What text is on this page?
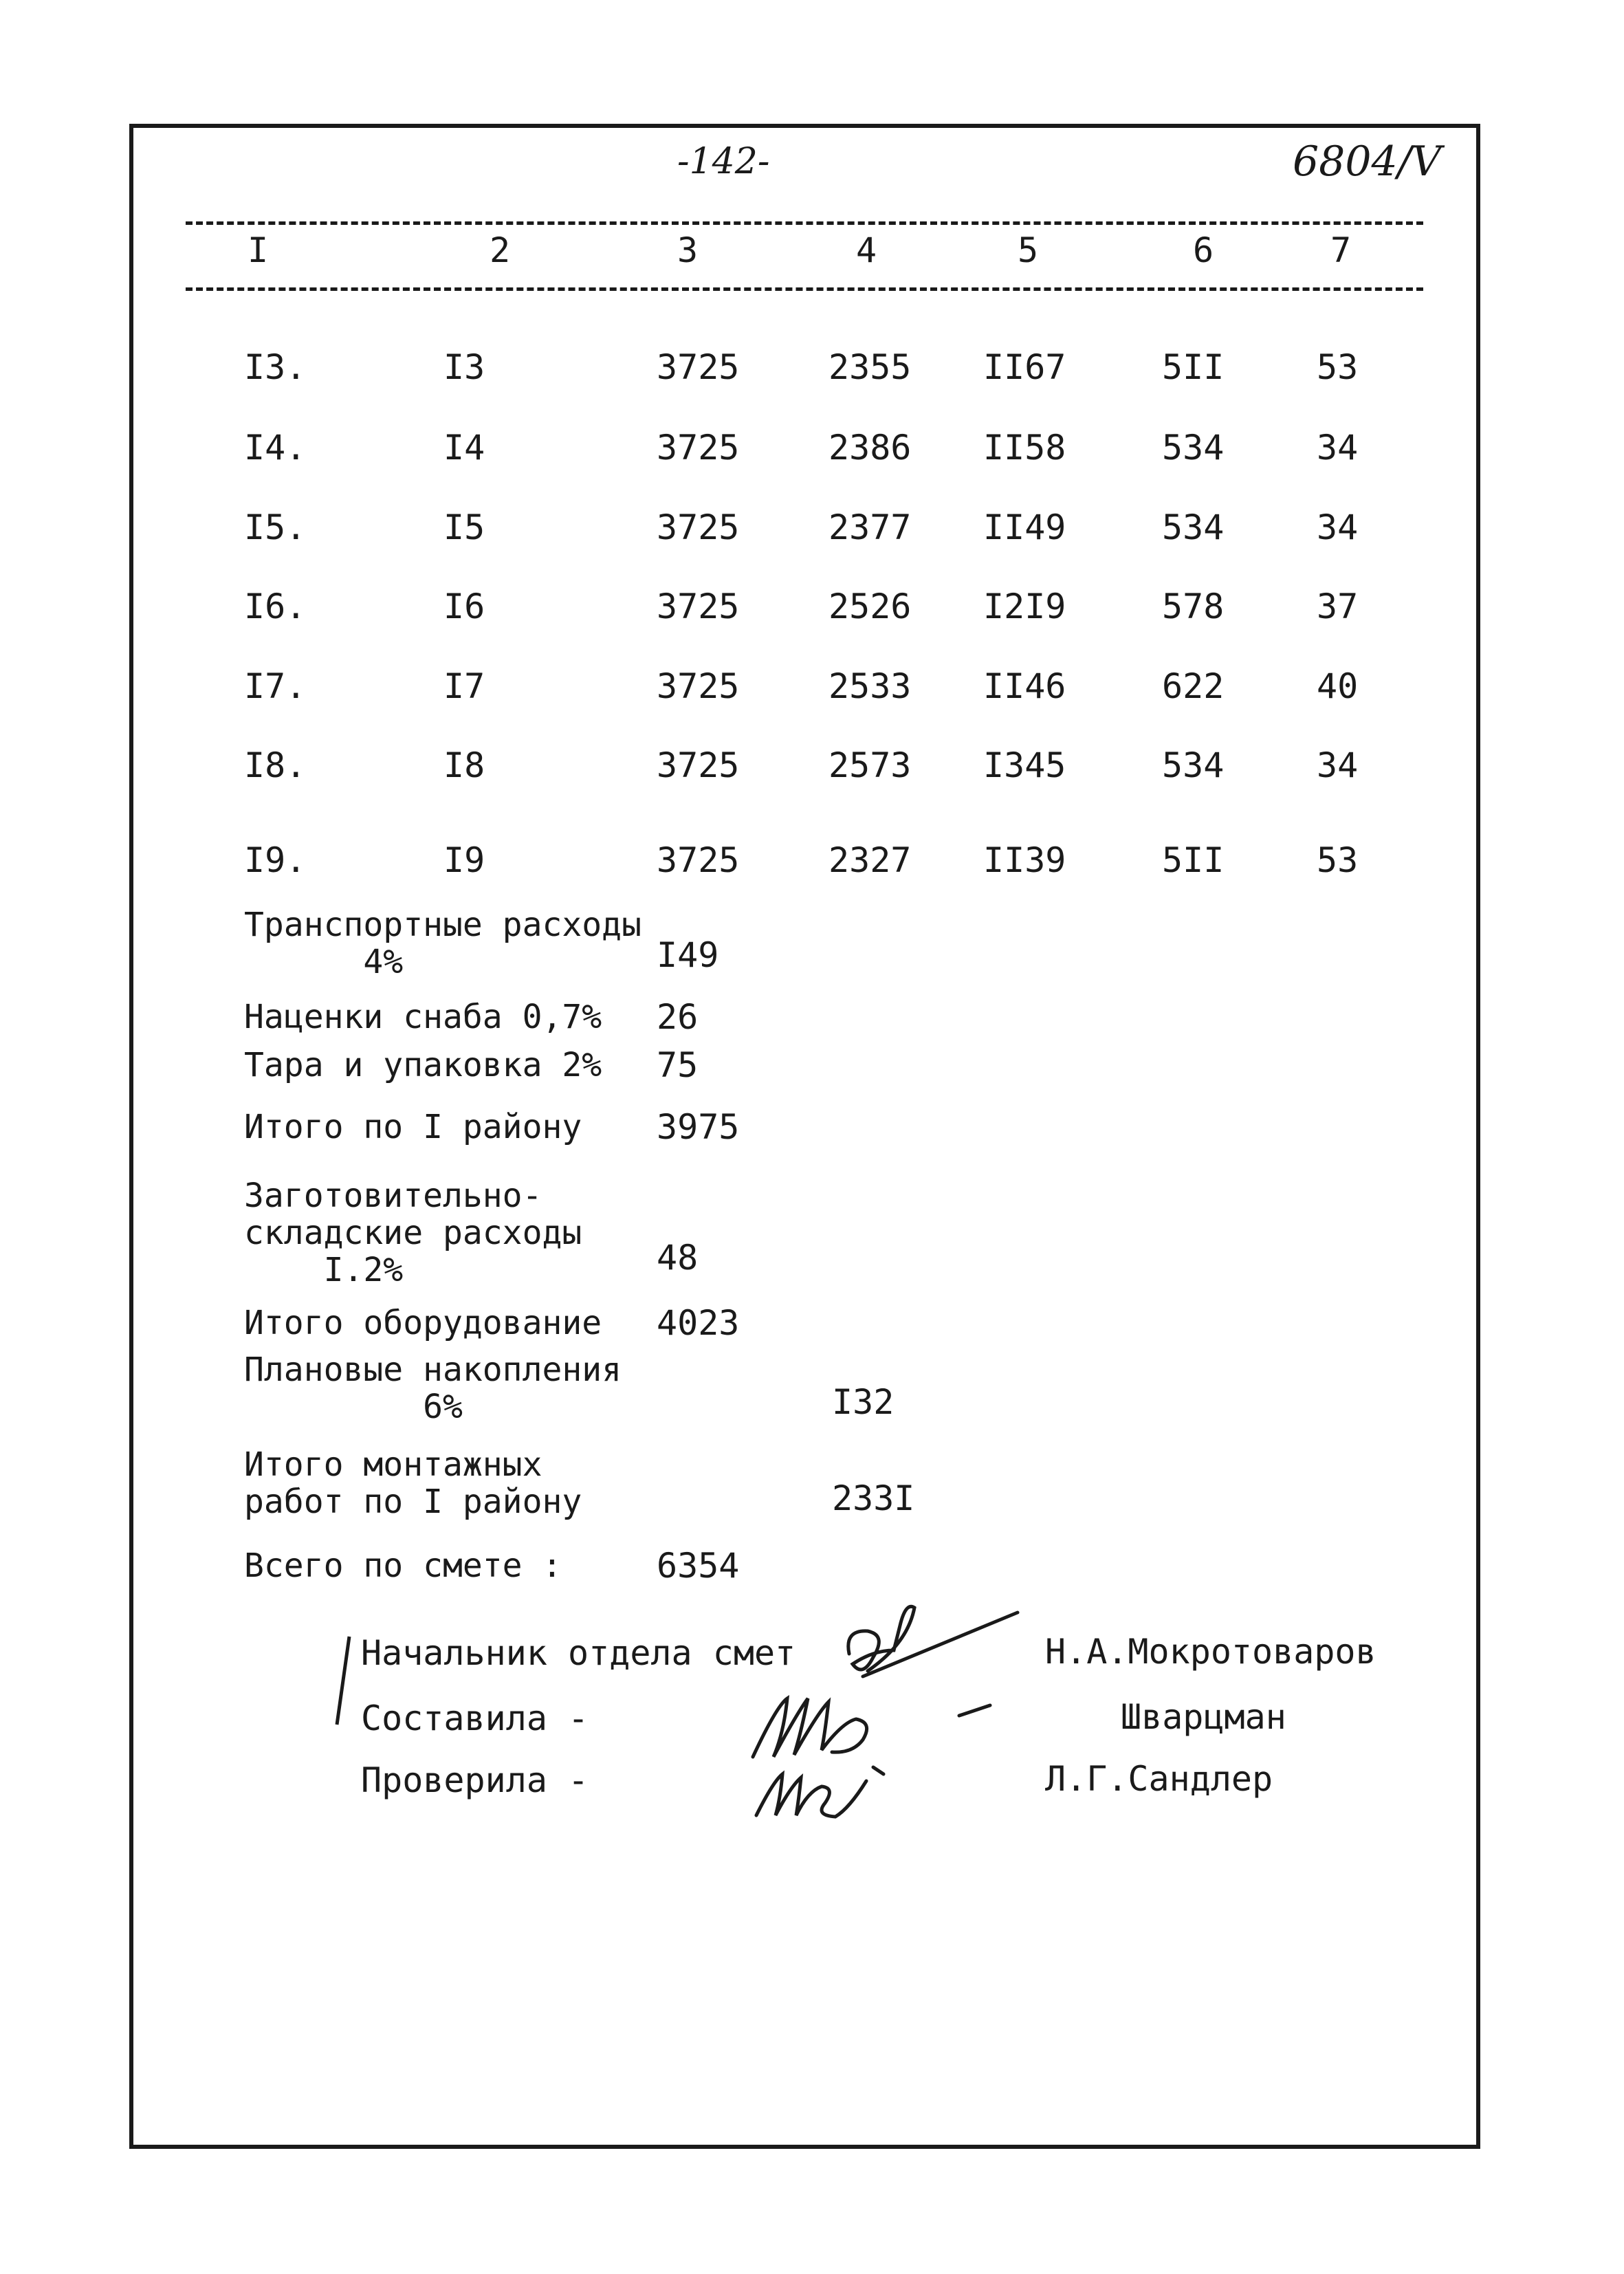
-142-	6804/V
I	2	3	4	5	6	7
I3.	I3	3725	2355 II67	5II	53
I4.	I4	3725	2386 II58	534	34
I5.	I5	3725	2377 II49	534	34
I6.	I6	3725	2526 I2I9	578	37
I7.	I7	3725	2533 II46	622	40
I8.	I8	3725	2573 I345	534	34
I9.	I9	3725	2327 II39	5II	53
Транспортные расходы
4%	I49
Наценки снаба 0,7% 26
Тара и упаковка 2% 75
Итого по I району 3975
Заготовительно-
складские расходы
I.2%	48
Итого оборудование 4023
Плановые накопления
6%	I32
Итого монтажных
работ по I району	233I
Всего по смете :	6354
Начальник отдела смет	Н.А.Мокротоваров
Составила -	Шварцман
Проверила -	Л.Г.Сандлер
